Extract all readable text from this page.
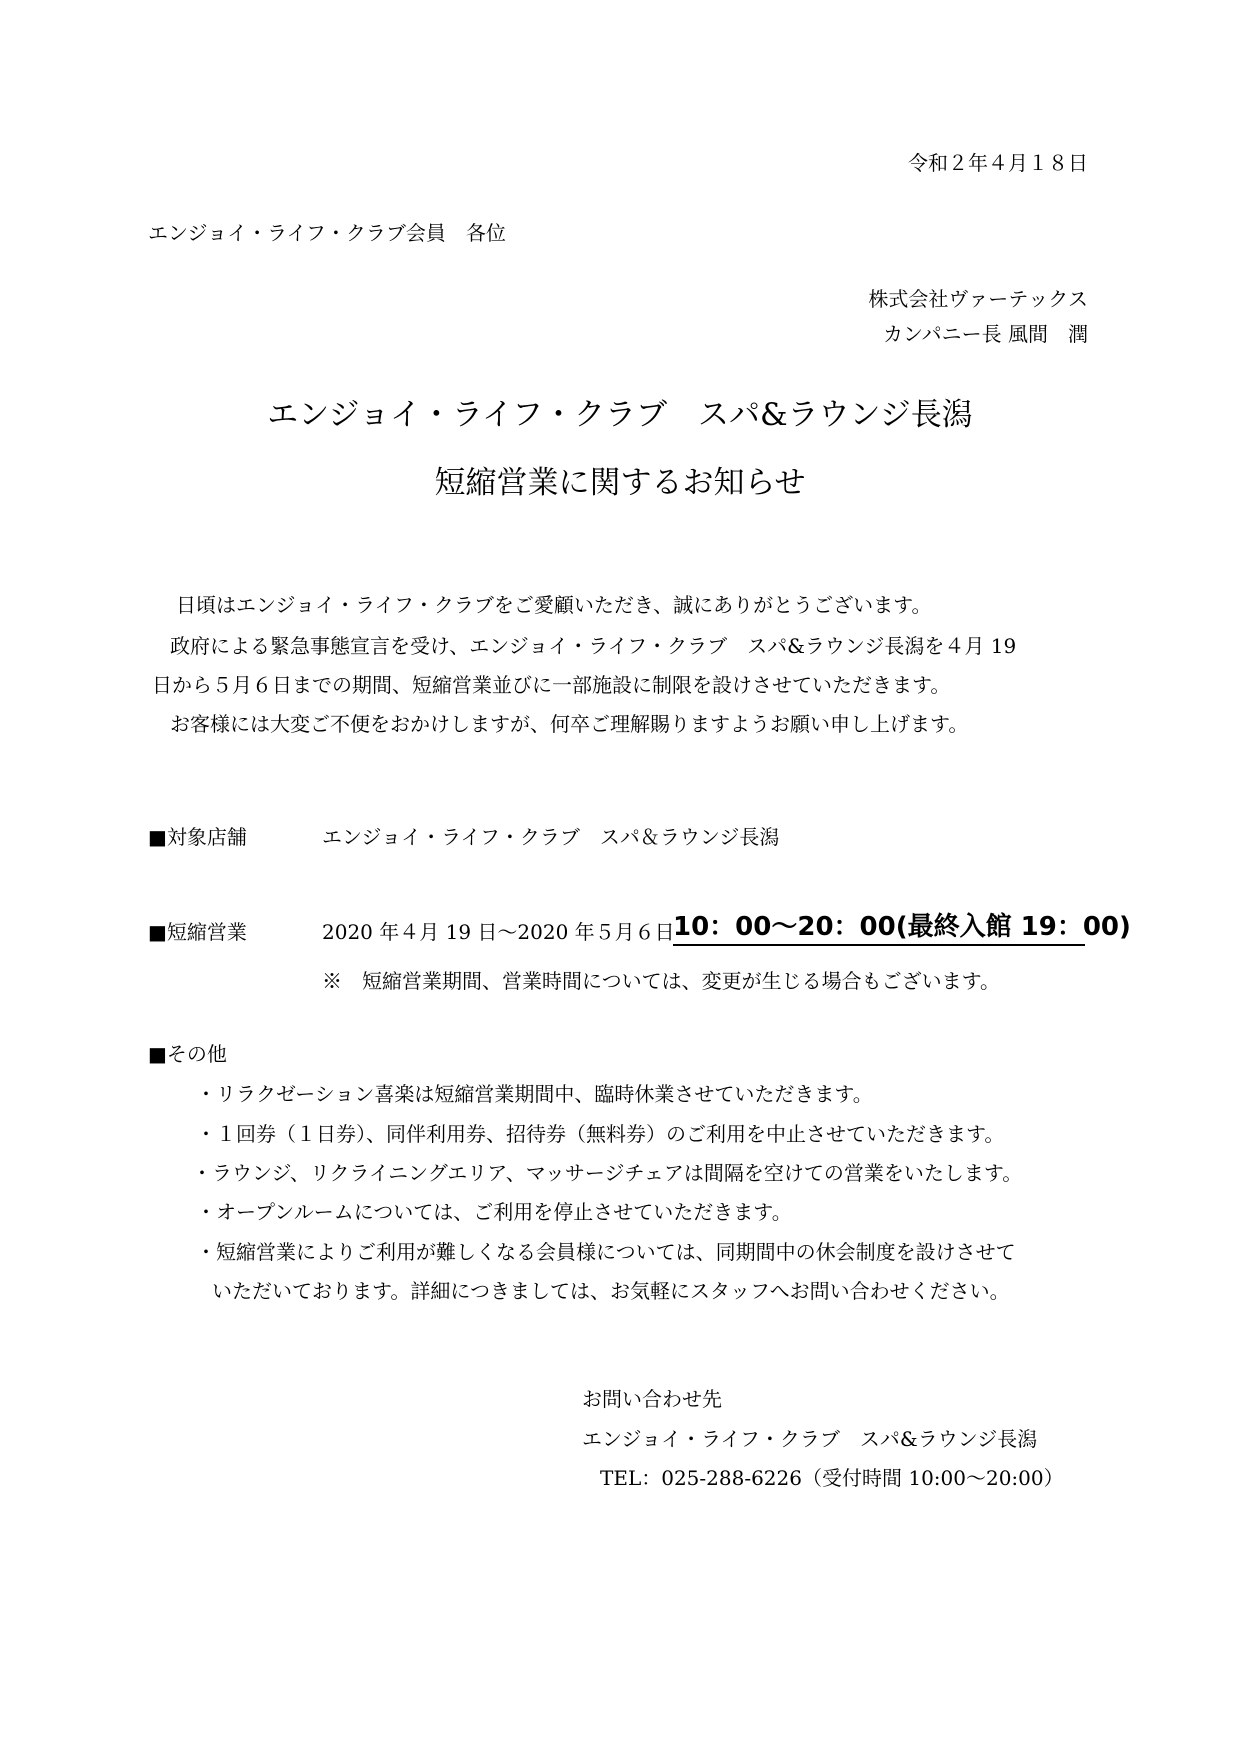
令和２年４月１８日
エンジョイ・ライフ・クラブ会員　各位
株式会社ヴァーテックス
カンパニー長 風間　潤
エンジョイ・ライフ・クラブ　スパ&ラウンジ長潟
短縮営業に関するお知らせ
日頃はエンジョイ・ライフ・クラブをご愛顧いただき、誠にありがとうございます。
政府による緊急事態宣言を受け、エンジョイ・ライフ・クラブ　スパ&ラウンジ長潟を４月 19
日から５月６日までの期間、短縮営業並びに一部施設に制限を設けさせていただきます。
お客様には大変ご不便をおかけしますが、何卒ご理解賜りますようお願い申し上げます。
■対象店舗	エンジョイ・ライフ・クラブ　スパ＆ラウンジ長潟
■短縮営業	2020 年４月 19 日～2020 年５月６日
10：00～20：00(最終入館 19：00)
※　短縮営業期間、営業時間については、変更が生じる場合もございます。
■その他
・リラクゼーション喜楽は短縮営業期間中、臨時休業させていただきます。
・１回券（１日券）、同伴利用券、招待券（無料券）のご利用を中止させていただきます。
・ラウンジ、リクライニングエリア、マッサージチェアは間隔を空けての営業をいたします。
・オープンルームについては、ご利用を停止させていただきます。
・短縮営業によりご利用が難しくなる会員様については、同期間中の休会制度を設けさせて
いただいております。詳細につきましては、お気軽にスタッフへお問い合わせください。
お問い合わせ先
エンジョイ・ライフ・クラブ　スパ&ラウンジ長潟
TEL：025-288-6226（受付時間 10:00～20:00）
